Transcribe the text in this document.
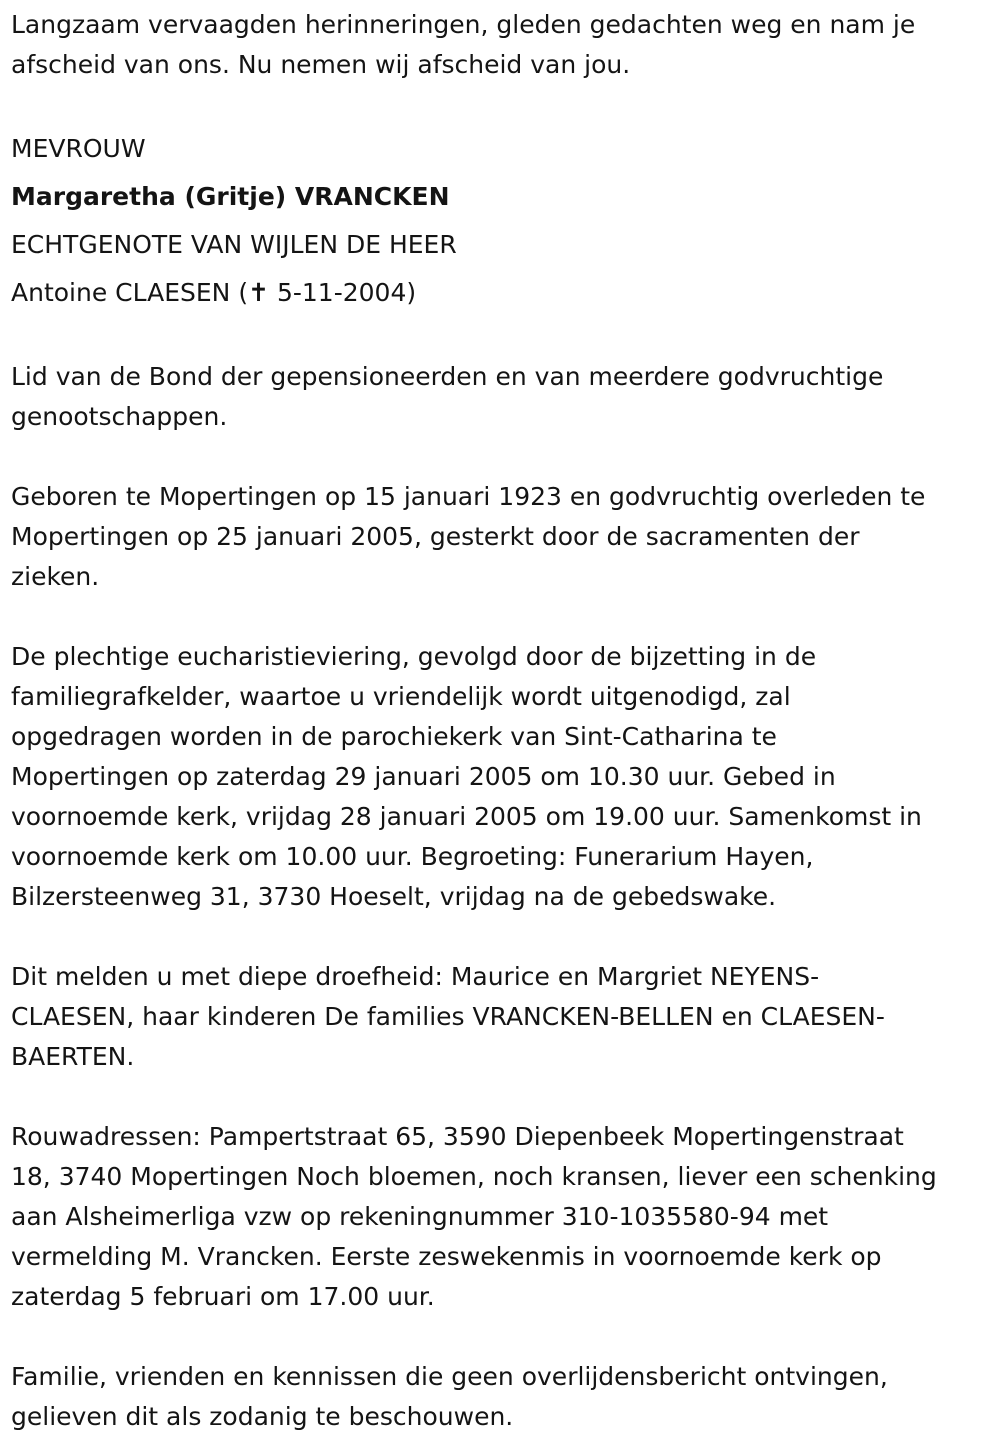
Langzaam vervaagden herinneringen, gleden gedachten weg en nam je
afscheid van ons. Nu nemen wij afscheid van jou.

MEVROUW

Margaretha (Gritje) VRANCKEN

ECHTGENOTE VAN WIJLEN DE HEER

Antoine CLAESEN (✝ 5-11-2004)

Lid van de Bond der gepensioneerden en van meerdere godvruchtige
genootschappen.

Geboren te Mopertingen op 15 januari 1923 en godvruchtig overleden te
Mopertingen op 25 januari 2005, gesterkt door de sacramenten der
zieken.

De plechtige eucharistieviering, gevolgd door de bijzetting in de
familiegrafkelder, waartoe u vriendelijk wordt uitgenodigd, zal
opgedragen worden in de parochiekerk van Sint-Catharina te
Mopertingen op zaterdag 29 januari 2005 om 10.30 uur. Gebed in
voornoemde kerk, vrijdag 28 januari 2005 om 19.00 uur. Samenkomst in
voornoemde kerk om 10.00 uur. Begroeting: Funerarium Hayen,
Bilzersteenweg 31, 3730 Hoeselt, vrijdag na de gebedswake.

Dit melden u met diepe droefheid: Maurice en Margriet NEYENS-
CLAESEN, haar kinderen De families VRANCKEN-BELLEN en CLAESEN-
BAERTEN.

Rouwadressen: Pampertstraat 65, 3590 Diepenbeek Mopertingenstraat
18, 3740 Mopertingen Noch bloemen, noch kransen, liever een schenking
aan Alsheimerliga vzw op rekeningnummer 310-1035580-94 met
vermelding M. Vrancken. Eerste zeswekenmis in voornoemde kerk op
zaterdag 5 februari om 17.00 uur.

Familie, vrienden en kennissen die geen overlijdensbericht ontvingen,
gelieven dit als zodanig te beschouwen.
